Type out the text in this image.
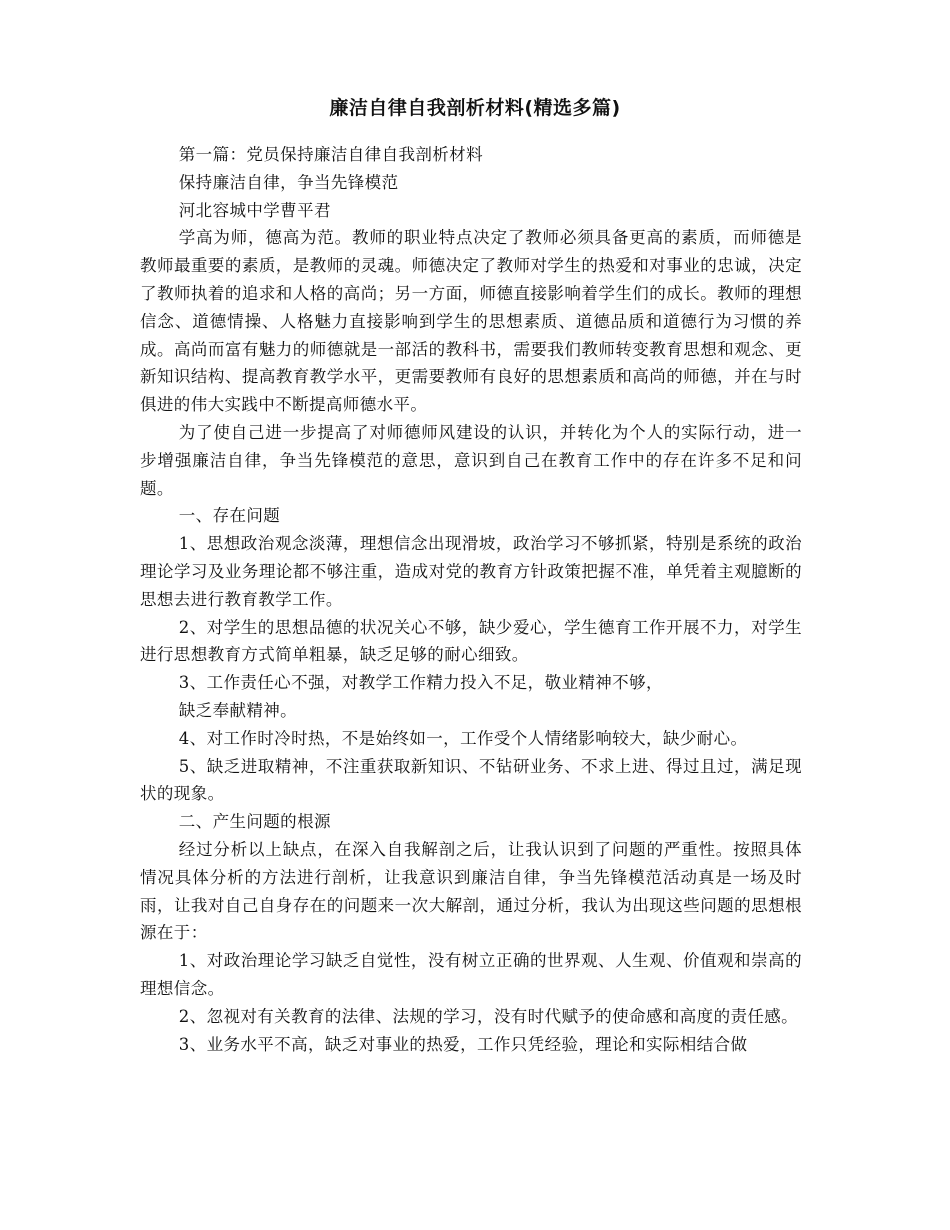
廉洁自律自我剖析材料(精选多篇)

第一篇：党员保持廉洁自律自我剖析材料

保持廉洁自律，争当先锋模范

河北容城中学曹平君

学高为师，德高为范。教师的职业特点决定了教师必须具备更高的素质，而师德是教师最重要的素质，是教师的灵魂。师德决定了教师对学生的热爱和对事业的忠诚，决定了教师执着的追求和人格的高尚；另一方面，师德直接影响着学生们的成长。教师的理想信念、道德情操、人格魅力直接影响到学生的思想素质、道德品质和道德行为习惯的养成。高尚而富有魅力的师德就是一部活的教科书，需要我们教师转变教育思想和观念、更新知识结构、提高教育教学水平，更需要教师有良好的思想素质和高尚的师德，并在与时俱进的伟大实践中不断提高师德水平。

为了使自己进一步提高了对师德师风建设的认识，并转化为个人的实际行动，进一步增强廉洁自律，争当先锋模范的意思，意识到自己在教育工作中的存在许多不足和问题。

一、存在问题

1、思想政治观念淡薄，理想信念出现滑坡，政治学习不够抓紧，特别是系统的政治理论学习及业务理论都不够注重，造成对党的教育方针政策把握不准，单凭着主观臆断的思想去进行教育教学工作。

2、对学生的思想品德的状况关心不够，缺少爱心，学生德育工作开展不力，对学生进行思想教育方式简单粗暴，缺乏足够的耐心细致。

3、工作责任心不强，对教学工作精力投入不足，敬业精神不够，

缺乏奉献精神。

4、对工作时冷时热，不是始终如一，工作受个人情绪影响较大，缺少耐心。

5、缺乏进取精神，不注重获取新知识、不钻研业务、不求上进、得过且过，满足现状的现象。

二、产生问题的根源

经过分析以上缺点，在深入自我解剖之后，让我认识到了问题的严重性。按照具体情况具体分析的方法进行剖析，让我意识到廉洁自律，争当先锋模范活动真是一场及时雨，让我对自己自身存在的问题来一次大解剖，通过分析，我认为出现这些问题的思想根源在于：

1、对政治理论学习缺乏自觉性，没有树立正确的世界观、人生观、价值观和崇高的理想信念。

2、忽视对有关教育的法律、法规的学习，没有时代赋予的使命感和高度的责任感。

3、业务水平不高，缺乏对事业的热爱，工作只凭经验，理论和实际相结合做
